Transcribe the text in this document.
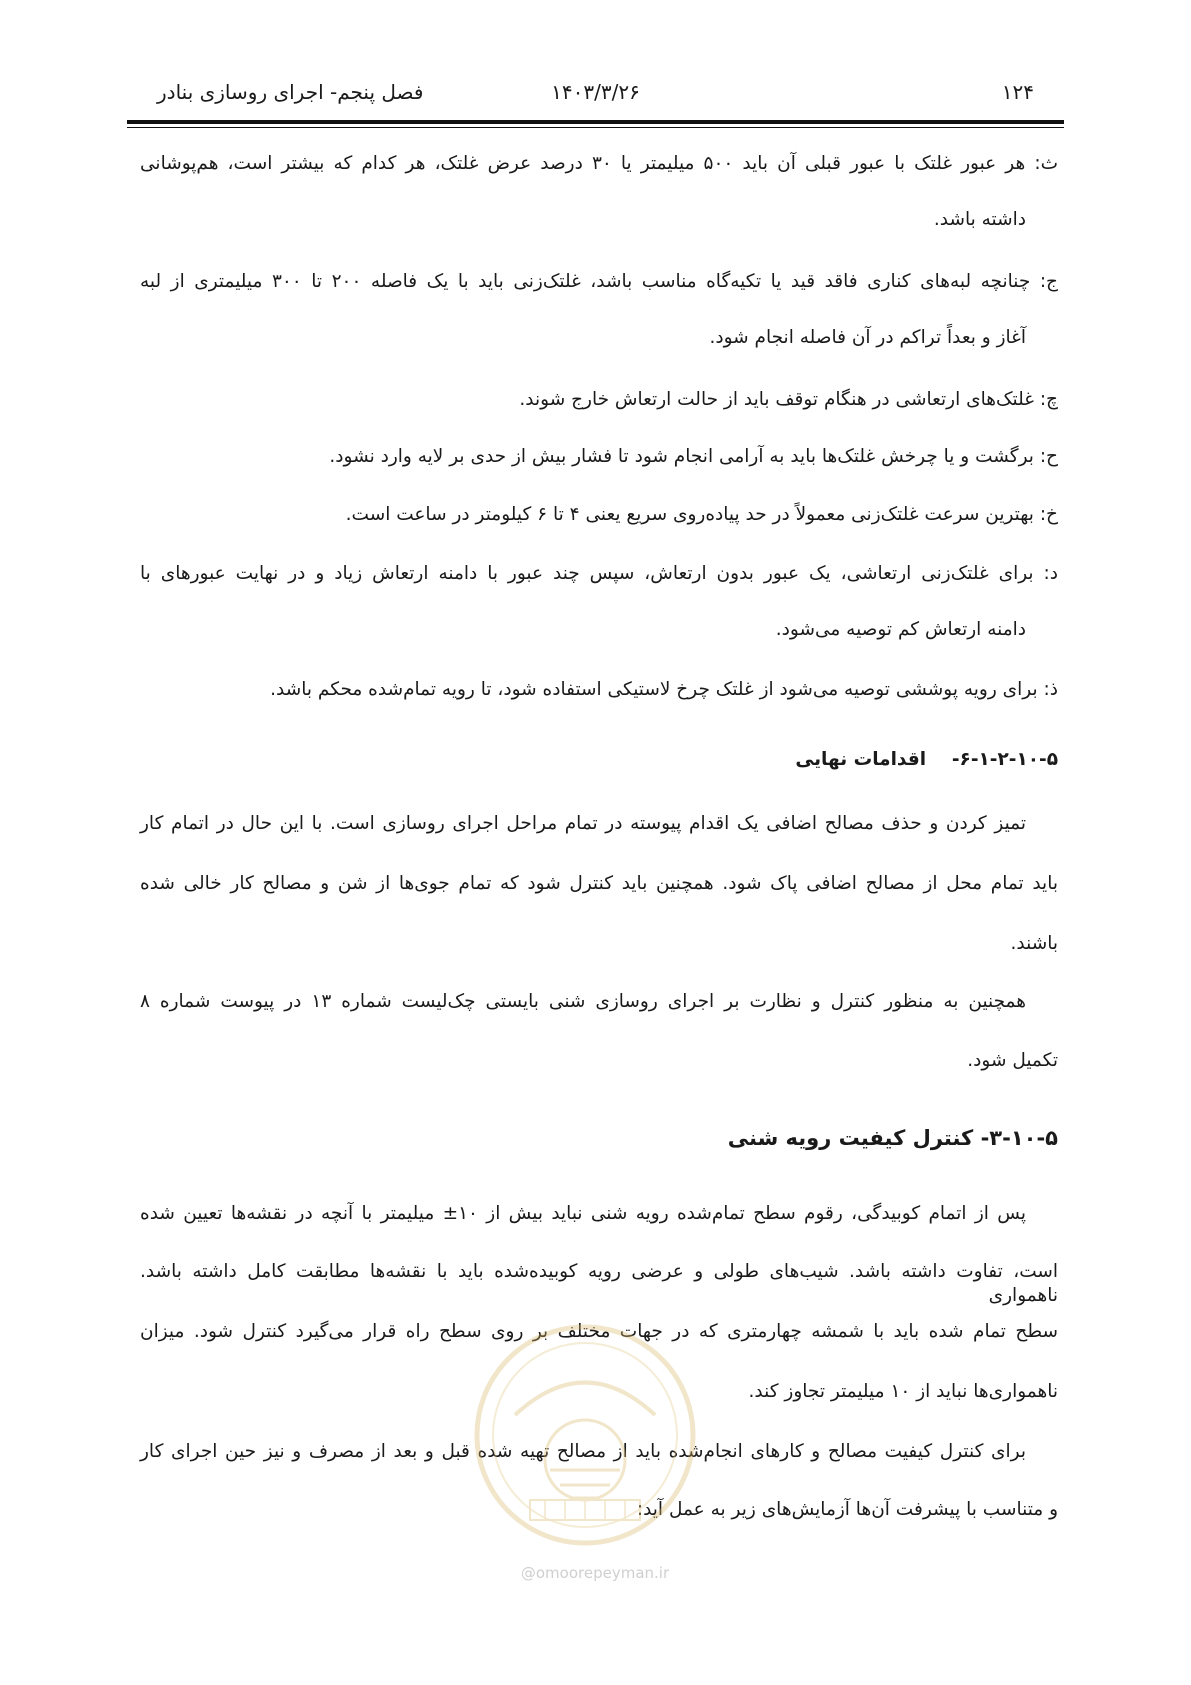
۱۲۴
۱۴۰۳/۳/۲۶
فصل پنجم- اجرای روسازی بنادر
ث: هر عبور غلتک با عبور قبلی آن باید ۵۰۰ میلیمتر یا ۳۰ درصد عرض غلتک، هر کدام که بیشتر است، هم‌پوشانی
داشته باشد.
ج: چنانچه لبه‌های کناری فاقد قید یا تکیه‌گاه مناسب باشد، غلتک‌زنی باید با یک فاصله ۲۰۰ تا ۳۰۰ میلیمتری از لبه
آغاز و بعداً تراکم در آن فاصله انجام شود.
چ: غلتک‌های ارتعاشی در هنگام توقف باید از حالت ارتعاش خارج شوند.
ح: برگشت و یا چرخش غلتک‌ها باید به آرامی انجام شود تا فشار بیش از حدی بر لایه وارد نشود.
خ: بهترین سرعت غلتک‌زنی معمولاً در حد پیاده‌روی سریع یعنی ۴ تا ۶ کیلومتر در ساعت است.
د: برای غلتک‌زنی ارتعاشی، یک عبور بدون ارتعاش، سپس چند عبور با دامنه ارتعاش زیاد و در نهایت عبورهای با
دامنه ارتعاش کم توصیه می‌شود.
ذ: برای رویه پوششی توصیه می‌شود از غلتک چرخ لاستیکی استفاده شود، تا رویه تمام‌شده محکم باشد.
۶-۱-۲-۱۰-۵-    اقدامات نهایی
تمیز کردن و حذف مصالح اضافی یک اقدام پیوسته در تمام مراحل اجرای روسازی است. با این حال در اتمام کار
باید تمام محل از مصالح اضافی پاک شود. همچنین باید کنترل شود که تمام جوی‌ها از شن و مصالح کار خالی شده
باشند.
همچنین به منظور کنترل و نظارت بر اجرای روسازی شنی بایستی چک‌لیست شماره ۱۳ در پیوست شماره ۸
تکمیل شود.
۳-۱۰-۵- کنترل کیفیت رویه شنی
پس از اتمام کوبیدگی، رقوم سطح تمام‌شده رویه شنی نباید بیش از ۱۰± میلیمتر با آنچه در نقشه‌ها تعیین شده
است، تفاوت داشته باشد. شیب‌های طولی و عرضی رویه کوبیده‌شده باید با نقشه‌ها مطابقت کامل داشته باشد. ناهمواری
سطح تمام شده باید با شمشه چهارمتری که در جهات مختلف بر روی سطح راه قرار می‌گیرد کنترل شود. میزان
ناهمواری‌ها نباید از ۱۰ میلیمتر تجاوز کند.
برای کنترل کیفیت مصالح و کارهای انجام‌شده باید از مصالح تهیه شده قبل و بعد از مصرف و نیز حین اجرای کار
و متناسب با پیشرفت آن‌ها آزمایش‌های زیر به عمل آید:
@omoorepeyman.ir
